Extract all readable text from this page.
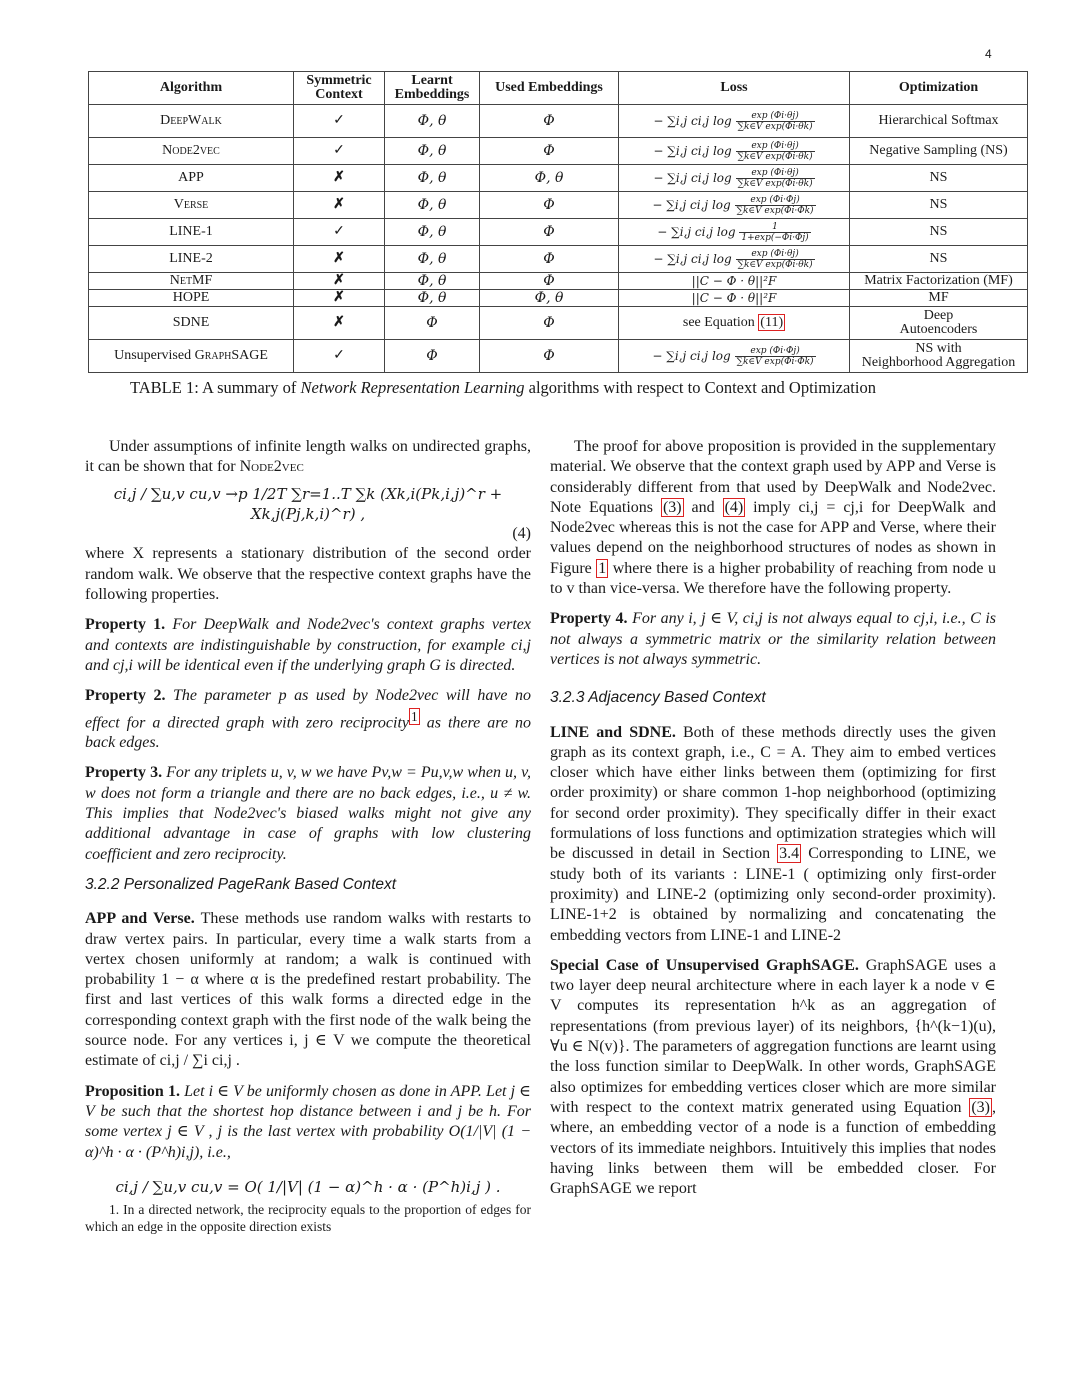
4
Algorithm	Symmetric Context	Learnt Embeddings	Used Embeddings	Loss	Optimization
DeepWalk	✓	Φ, θ	Φ	− ∑i,j ci,j $\log \frac{\exp (\Phi i\cdot\theta j)}{\text{∑k∈V exp(Φi·θk)}}$	Hierarchical Softmax
Node2vec	✓	Φ, θ	Φ	− ∑i,j ci,j $\log \frac{\exp (\Phi i\cdot\theta j)}{\text{∑k∈V exp(Φi·θk)}}$	Negative Sampling (NS)
APP	✗	Φ, θ	Φ, θ	− ∑i,j ci,j $\log \frac{\exp (\Phi i\cdot\theta j)}{\text{∑k∈V exp(Φi·θk)}}$	NS
Verse	✗	Φ, θ	Φ	− ∑i,j ci,j $\log \frac{\exp (\Phi i\cdot\Phi j)}{\text{∑k∈V exp(Φi·Φk)}}$	NS
LINE-1	✓	Φ, θ	Φ	− ∑i,j ci,j $\log \frac{1}{1+\exp(-\Phi i\cdot\Phi j)}$	NS
LINE-2	✗	Φ, θ	Φ	− ∑i,j ci,j $\log \frac{\exp (\Phi i\cdot\theta j)}{\text{∑k∈V exp(Φi·θk)}}$	NS
NetMF	✗	Φ, θ	Φ	||C − Φ · θ||²F	Matrix Factorization (MF)
HOPE	✗	Φ, θ	Φ, θ	||C − Φ · θ||²F	MF
SDNE	✗	Φ	Φ	see Equation (11)	Deep
Autoencoders
Unsupervised GraphSAGE	✓	Φ	Φ	− ∑i,j ci,j $\log \frac{\exp (\Phi i\cdot\Phi j)}{\text{∑k∈V exp(Φi·Φk)}}$	NS with
Neighborhood Aggregation
TABLE 1: A summary of Network Representation Learning algorithms with respect to Context and Optimization

Under assumptions of infinite length walks on undirected graphs, it can be shown that for Node2vec

ci,j / ∑u,v cu,v →p 1/2T ∑r=1..T ∑k (Xk,i(Pk,i,j)^r + Xk,j(Pj,k,i)^r) ,
(4)

where X represents a stationary distribution of the second order random walk. We observe that the respective context graphs have the following properties.

Property 1. For DeepWalk and Node2vec's context graphs vertex and contexts are indistinguishable by construction, for example ci,j and cj,i will be identical even if the underlying graph G is directed.

Property 2. The parameter p as used by Node2vec will have no effect for a directed graph with zero reciprocity $^1$ as there are no back edges.

Property 3. For any triplets u, v, w we have Pv,w = Pu,v,w when u, v, w does not form a triangle and there are no back edges, i.e., u ≠ w. This implies that Node2vec's biased walks might not give any additional advantage in case of graphs with low clustering coefficient and zero reciprocity.

3.2.2 Personalized PageRank Based Context

APP and Verse. These methods use random walks with restarts to draw vertex pairs. In particular, every time a walk starts from a vertex chosen uniformly at random; a walk is continued with probability 1 − α where α is the predefined restart probability. The first and last vertices of this walk forms a directed edge in the corresponding context graph with the first node of the walk being the source node. For any vertices i, j ∈ V we compute the theoretical estimate of ci,j / ∑i ci,j .

Proposition 1. Let i ∈ V be uniformly chosen as done in APP. Let j ∈ V be such that the shortest hop distance between i and j be h. For some vertex j ∈ V , j is the last vertex with probability O(1/|V| (1 − α)^h · α · (P^h)i,j), i.e.,

ci,j / ∑u,v cu,v = O( 1/|V| (1 − α)^h · α · (P^h)i,j ) .

1. In a directed network, the reciprocity equals to the proportion of edges for which an edge in the opposite direction exists

The proof for above proposition is provided in the supplementary material. We observe that the context graph used by APP and Verse is considerably different from that used by DeepWalk and Node2vec. Note Equations (3) and (4) imply ci,j = cj,i for DeepWalk and Node2vec whereas this is not the case for APP and Verse, where their values depend on the neighborhood structures of nodes as shown in Figure 1 where there is a higher probability of reaching from node u to v than vice-versa. We therefore have the following property.

Property 4. For any i, j ∈ V, ci,j is not always equal to cj,i, i.e., C is not always a symmetric matrix or the similarity relation between vertices is not always symmetric.

3.2.3 Adjacency Based Context

LINE and SDNE. Both of these methods directly uses the given graph as its context graph, i.e., C = A. They aim to embed vertices closer which have either links between them (optimizing for first order proximity) or share common 1-hop neighborhood (optimizing for second order proximity). They specifically differ in their exact formulations of loss functions and optimization strategies which will be discussed in detail in Section 3.4 Corresponding to LINE, we study both of its variants : LINE-1 ( optimizing only first-order proximity) and LINE-2 (optimizing only second-order proximity). LINE-1+2 is obtained by normalizing and concatenating the embedding vectors from LINE-1 and LINE-2

Special Case of Unsupervised GraphSAGE. GraphSAGE uses a two layer deep neural architecture where in each layer k a node v ∈ V computes its representation h^k as an aggregation of representations (from previous layer) of its neighbors, {h^(k−1)(u), ∀u ∈ N(v)}. The parameters of aggregation functions are learnt using the loss function similar to DeepWalk. In other words, GraphSAGE also optimizes for embedding vertices closer which are more similar with respect to the context matrix generated using Equation (3) , where, an embedding vector of a node is a function of embedding vectors of its immediate neighbors. Intuitively this implies that nodes having links between them will be embedded closer. For GraphSAGE we report
